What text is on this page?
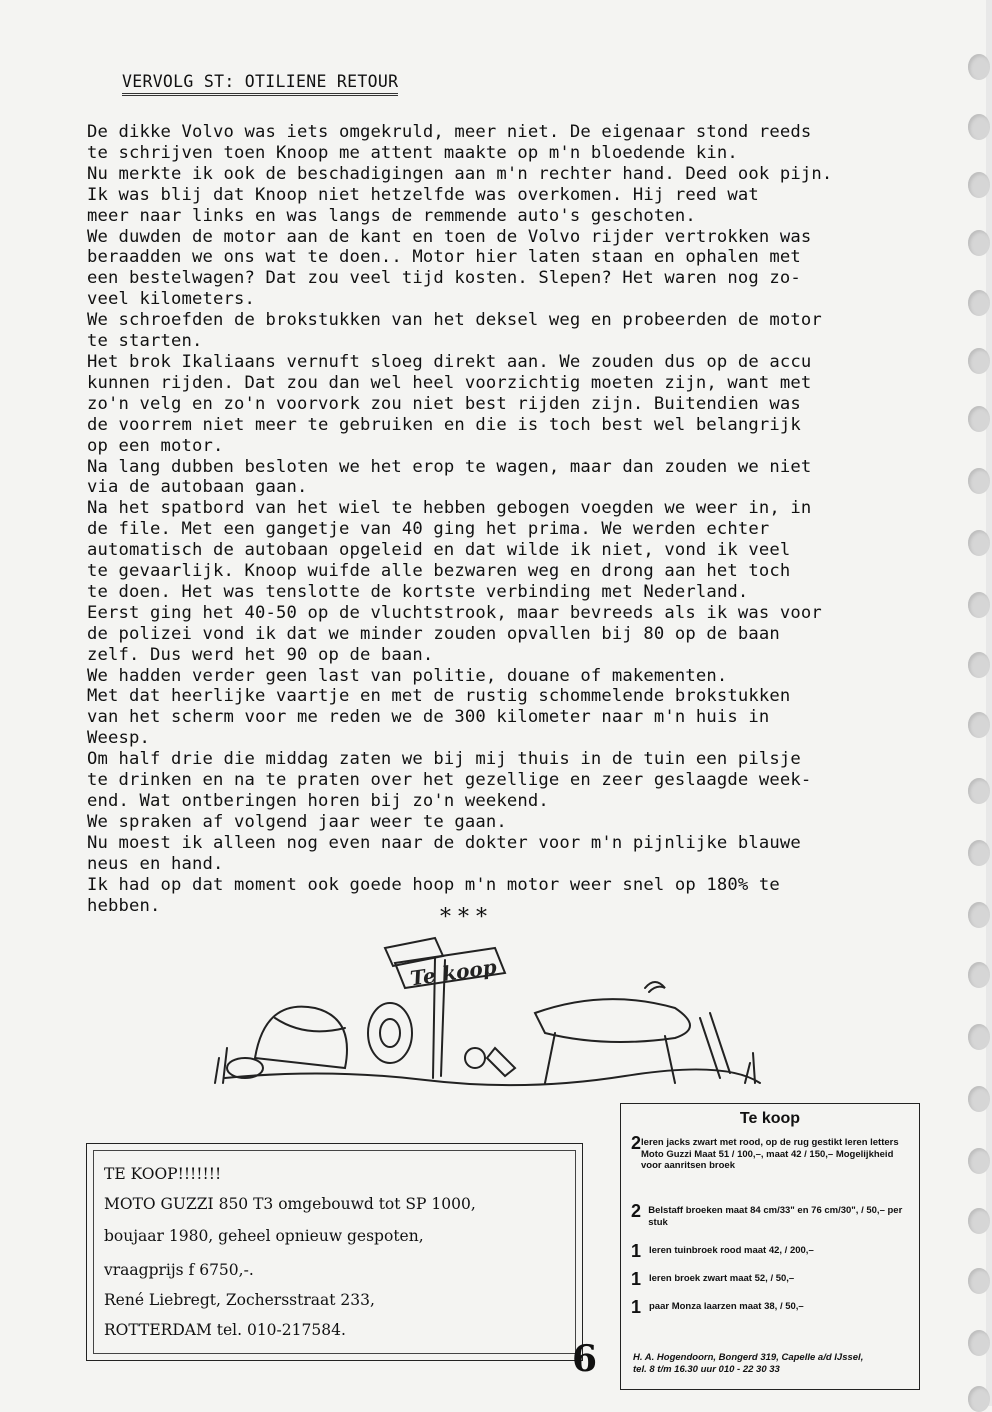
VERVOLG ST: OTILIENE RETOUR
De dikke Volvo was iets omgekruld, meer niet. De eigenaar stond reeds
te schrijven toen Knoop me attent maakte op m'n bloedende kin.
Nu merkte ik ook de beschadigingen aan m'n rechter hand. Deed ook pijn.
Ik was blij dat Knoop niet hetzelfde was overkomen. Hij reed wat
meer naar links en was langs de remmende auto's geschoten.
We duwden de motor aan de kant en toen de Volvo rijder vertrokken was
beraadden we ons wat te doen.. Motor hier laten staan en ophalen met
een bestelwagen? Dat zou veel tijd kosten. Slepen? Het waren nog zo-
veel kilometers.
We schroefden de brokstukken van het deksel weg en probeerden de motor
te starten.
Het brok Ikaliaans vernuft sloeg direkt aan. We zouden dus op de accu
kunnen rijden. Dat zou dan wel heel voorzichtig moeten zijn, want met
zo'n velg en zo'n voorvork zou niet best rijden zijn. Buitendien was
de voorrem niet meer te gebruiken en die is toch best wel belangrijk
op een motor.
Na lang dubben besloten we het erop te wagen, maar dan zouden we niet
via de autobaan gaan.
Na het spatbord van het wiel te hebben gebogen voegden we weer in, in
de file. Met een gangetje van 40 ging het prima. We werden echter
automatisch de autobaan opgeleid en dat wilde ik niet, vond ik veel
te gevaarlijk. Knoop wuifde alle bezwaren weg en drong aan het toch
te doen. Het was tenslotte de kortste verbinding met Nederland.
Eerst ging het 40-50 op de vluchtstrook, maar bevreeds als ik was voor
de polizei vond ik dat we minder zouden opvallen bij 80 op de baan
zelf. Dus werd het 90 op de baan.
We hadden verder geen last van politie, douane of makementen.
Met dat heerlijke vaartje en met de rustig schommelende brokstukken
van het scherm voor me reden we de 300 kilometer naar m'n huis in
Weesp.
Om half drie die middag zaten we bij mij thuis in de tuin een pilsje
te drinken en na te praten over het gezellige en zeer geslaagde week-
end. Wat ontberingen horen bij zo'n weekend.
We spraken af volgend jaar weer te gaan.
Nu moest ik alleen nog even naar de dokter voor m'n pijnlijke blauwe
neus en hand.
Ik had op dat moment ook goede hoop m'n motor weer snel op 180% te
hebben.	* * *
Te koop
TE KOOP!!!!!!!
MOTO GUZZI 850 T3 omgebouwd tot SP 1000,
boujaar 1980, geheel opnieuw gespoten,
vraagprijs f 6750,-.
René Liebregt, Zochersstraat 233,
ROTTERDAM tel. 010-217584.
6
Te koop
2 leren jacks zwart met rood, op de rug gestikt leren letters Moto Guzzi Maat 51 / 100,–, maat 42 / 150,– Mogelijkheid voor aanritsen broek
2 Belstaff broeken maat 84 cm/33" en 76 cm/30", / 50,– per stuk
1 leren tuinbroek rood maat 42, / 200,–
1 leren broek zwart maat 52, / 50,–
1 paar Monza laarzen maat 38, / 50,–
H. A. Hogendoorn, Bongerd 319, Capelle a/d IJssel,
tel. 8 t/m 16.30 uur 010 - 22 30 33
